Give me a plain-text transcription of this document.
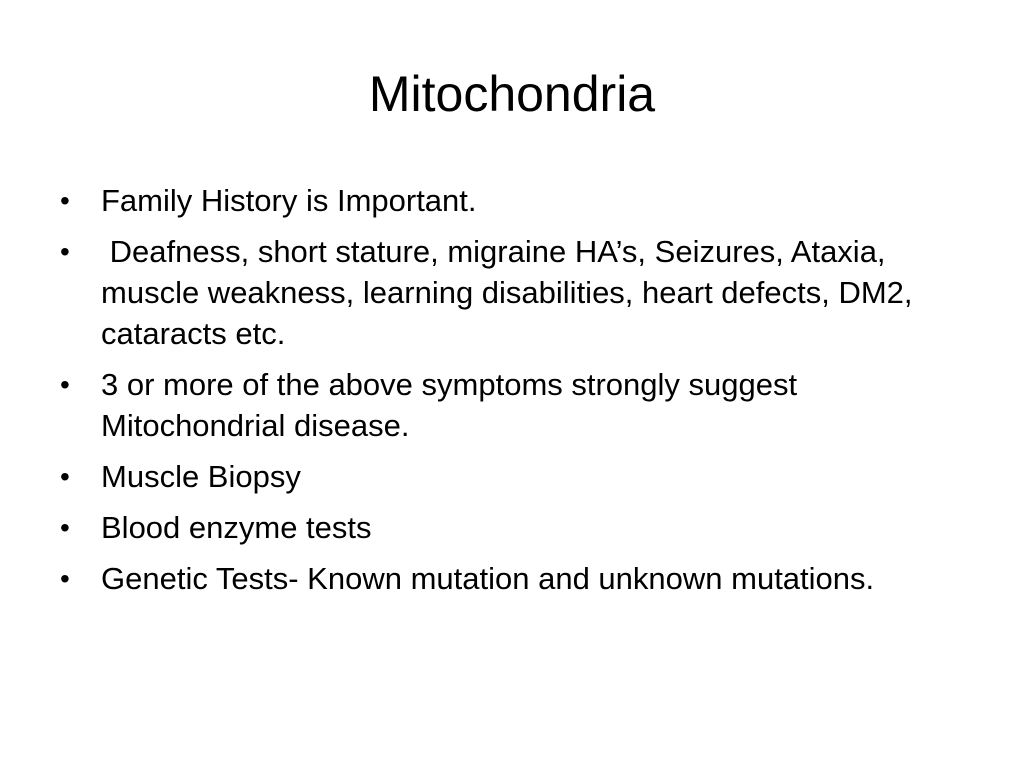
Mitochondria
•	Family History is Important.
•	Deafness, short stature, migraine HA’s, Seizures, Ataxia, muscle weakness, learning disabilities, heart defects, DM2, cataracts etc.
•	3 or more of the above symptoms strongly suggest Mitochondrial disease.
•	Muscle Biopsy
•	Blood enzyme tests
•	Genetic Tests- Known mutation and unknown mutations.
